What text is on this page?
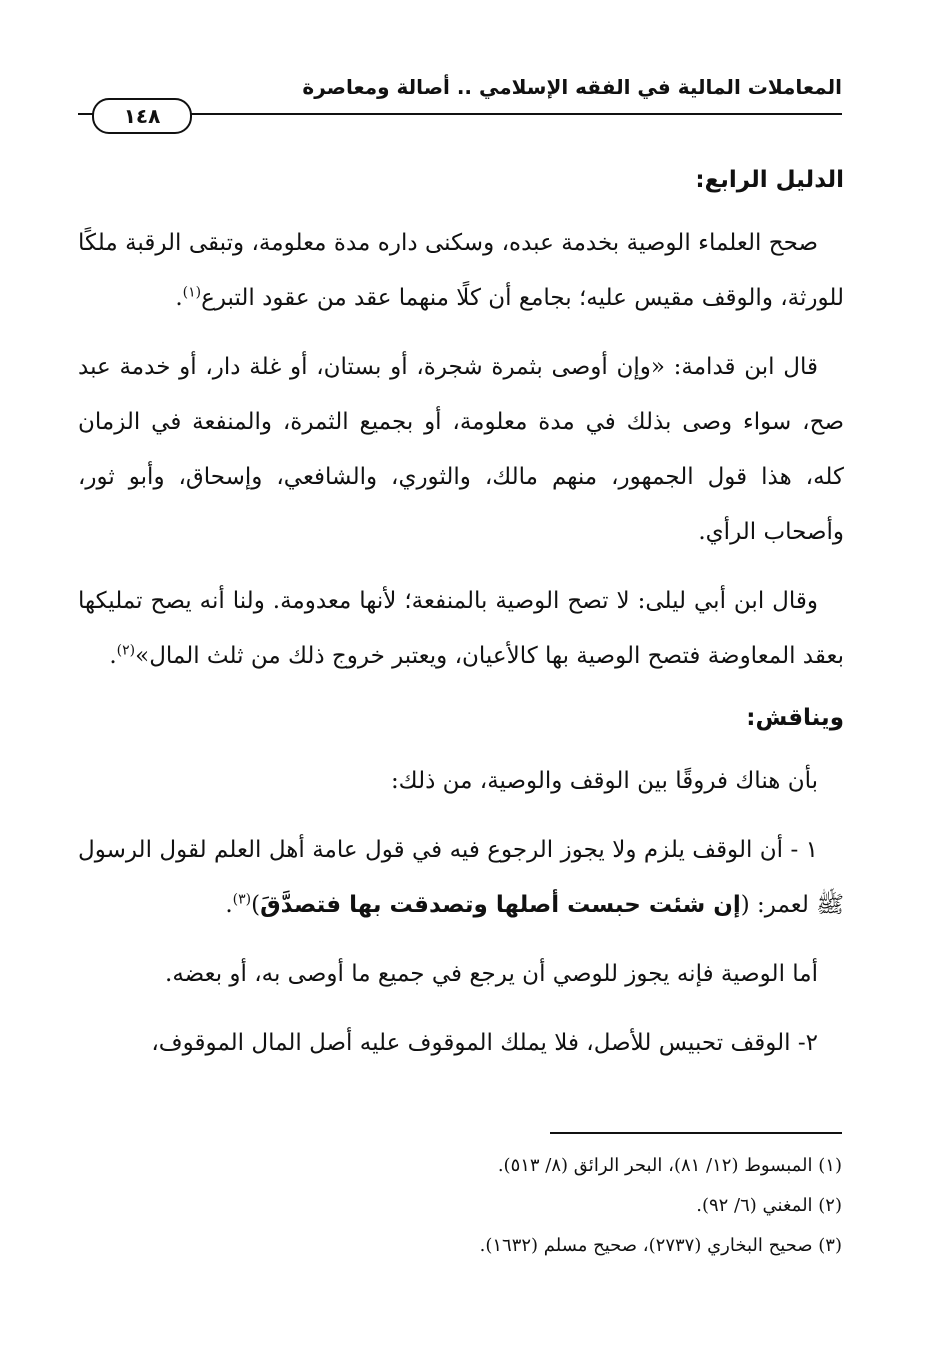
المعاملات المالية في الفقه الإسلامي .. أصالة ومعاصرة
١٤٨
الدليل الرابع:

صحح العلماء الوصية بخدمة عبده، وسكنى داره مدة معلومة، وتبقى الرقبة ملكًا للورثة، والوقف مقيس عليه؛ بجامع أن كلًا منهما عقد من عقود التبرع$^{(١)}$.

قال ابن قدامة: «وإن أوصى بثمرة شجرة، أو بستان، أو غلة دار، أو خدمة عبد صح، سواء وصى بذلك في مدة معلومة، أو بجميع الثمرة، والمنفعة في الزمان كله، هذا قول الجمهور، منهم مالك، والثوري، والشافعي، وإسحاق، وأبو ثور، وأصحاب الرأي.

وقال ابن أبي ليلى: لا تصح الوصية بالمنفعة؛ لأنها معدومة. ولنا أنه يصح تمليكها بعقد المعاوضة فتصح الوصية بها كالأعيان، ويعتبر خروج ذلك من ثلث المال»$^{(٢)}$.

ويناقش:

بأن هناك فروقًا بين الوقف والوصية، من ذلك:

١ - أن الوقف يلزم ولا يجوز الرجوع فيه في قول عامة أهل العلم لقول الرسول ﷺ لعمر: (إن شئت حبست أصلها وتصدقت بها فتصدَّقَ)$^{(٣)}$.

أما الوصية فإنه يجوز للوصي أن يرجع في جميع ما أوصى به، أو بعضه.

٢- الوقف تحبيس للأصل، فلا يملك الموقوف عليه أصل المال الموقوف،

(١) المبسوط (١٢/ ٨١)، البحر الرائق (٨/ ٥١٣).
(٢) المغني (٦/ ٩٢).
(٣) صحيح البخاري (٢٧٣٧)، صحيح مسلم (١٦٣٢).
